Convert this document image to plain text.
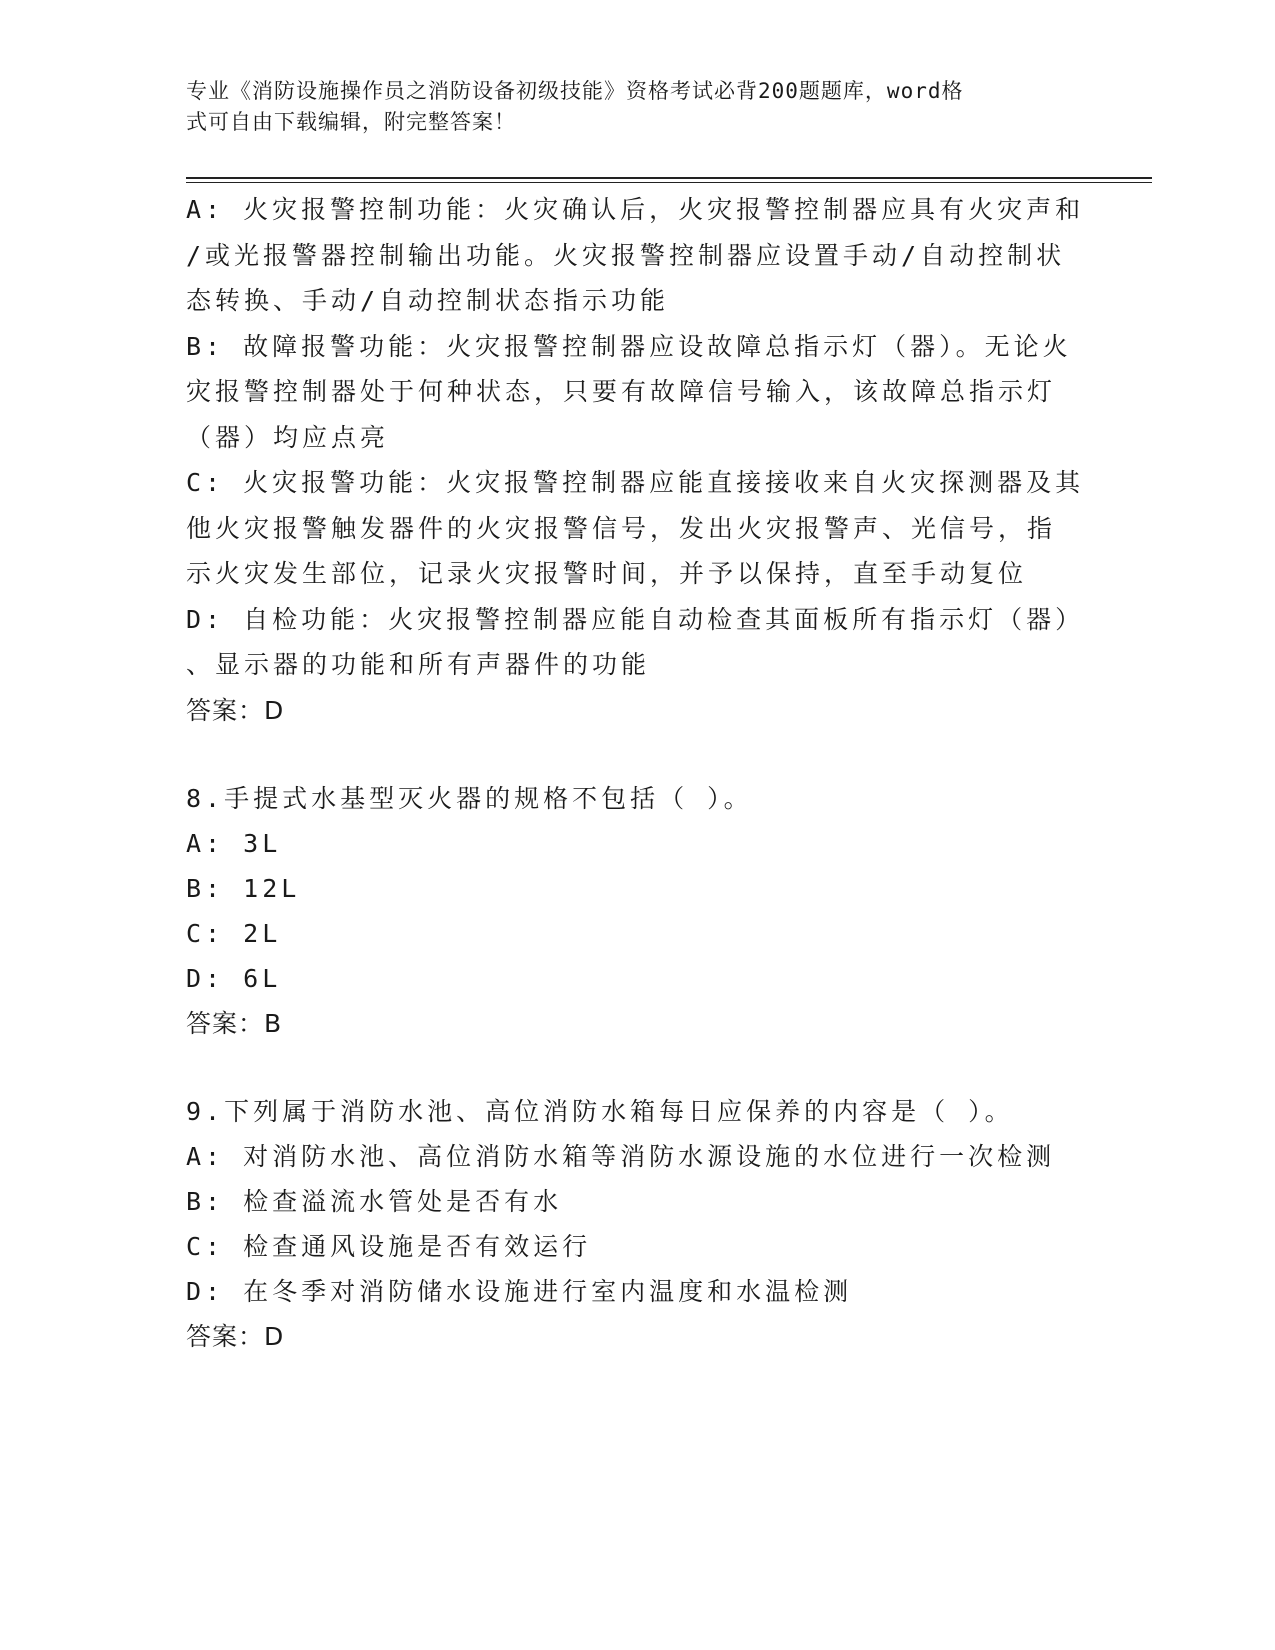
专业《消防设施操作员之消防设备初级技能》资格考试必背200题题库，word格
式可自由下载编辑，附完整答案！
A: 火灾报警控制功能：火灾确认后，火灾报警控制器应具有火灾声和
/或光报警器控制输出功能。火灾报警控制器应设置手动/自动控制状
态转换、手动/自动控制状态指示功能
B: 故障报警功能：火灾报警控制器应设故障总指示灯（器）。无论火
灾报警控制器处于何种状态，只要有故障信号输入，该故障总指示灯
（器）均应点亮
C: 火灾报警功能：火灾报警控制器应能直接接收来自火灾探测器及其
他火灾报警触发器件的火灾报警信号，发出火灾报警声、光信号，指
示火灾发生部位，记录火灾报警时间，并予以保持，直至手动复位
D: 自检功能：火灾报警控制器应能自动检查其面板所有指示灯（器）
、显示器的功能和所有声器件的功能
答案：D
8.手提式水基型灭火器的规格不包括（ ）。
A: 3L
B: 12L
C: 2L
D: 6L
答案：B
9.下列属于消防水池、高位消防水箱每日应保养的内容是（ ）。
A: 对消防水池、高位消防水箱等消防水源设施的水位进行一次检测
B: 检查溢流水管处是否有水
C: 检查通风设施是否有效运行
D: 在冬季对消防储水设施进行室内温度和水温检测
答案：D
